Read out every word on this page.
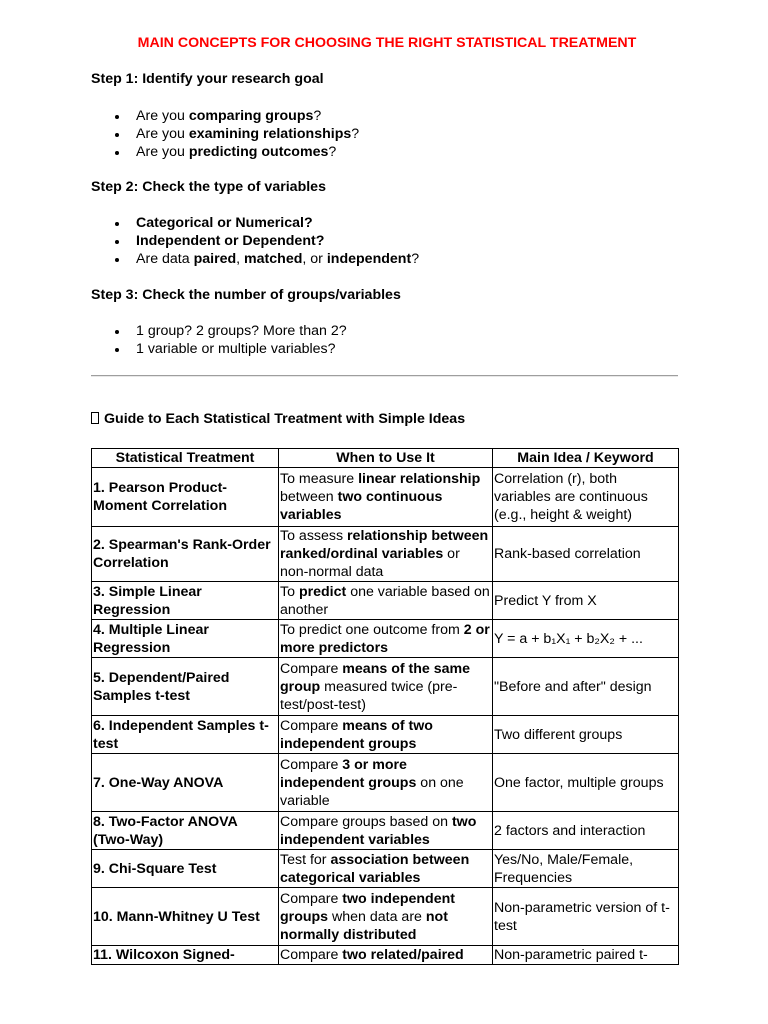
MAIN CONCEPTS FOR CHOOSING THE RIGHT STATISTICAL TREATMENT

Step 1: Identify your research goal

Are you comparing groups?
Are you examining relationships?
Are you predicting outcomes?

Step 2: Check the type of variables

Categorical or Numerical?
Independent or Dependent?
Are data paired, matched, or independent?

Step 3: Check the number of groups/variables

1 group? 2 groups? More than 2?
1 variable or multiple variables?
Guide to Each Statistical Treatment with Simple Ideas
Statistical Treatment	When to Use It	Main Idea / Keyword
1. Pearson Product-Moment Correlation	To measure linear relationship between two continuous variables	Correlation (r), both variables are continuous (e.g., height & weight)
2. Spearman's Rank-Order Correlation	To assess relationship between ranked/ordinal variables or non-normal data	Rank-based correlation
3. Simple Linear Regression	To predict one variable based on another	Predict Y from X
4. Multiple Linear Regression	To predict one outcome from 2 or more predictors	Y = a + b₁X₁ + b₂X₂ + ...
5. Dependent/Paired Samples t-test	Compare means of the same group measured twice (pre-test/post-test)	"Before and after" design
6. Independent Samples t-test	Compare means of two independent groups	Two different groups
7. One-Way ANOVA	Compare 3 or more independent groups on one variable	One factor, multiple groups
8. Two-Factor ANOVA (Two-Way)	Compare groups based on two independent variables	2 factors and interaction
9. Chi-Square Test	Test for association between categorical variables	Yes/No, Male/Female, Frequencies
10. Mann-Whitney U Test	Compare two independent groups when data are not normally distributed	Non-parametric version of t-test
11. Wilcoxon Signed-	Compare two related/paired	Non-parametric paired t-
